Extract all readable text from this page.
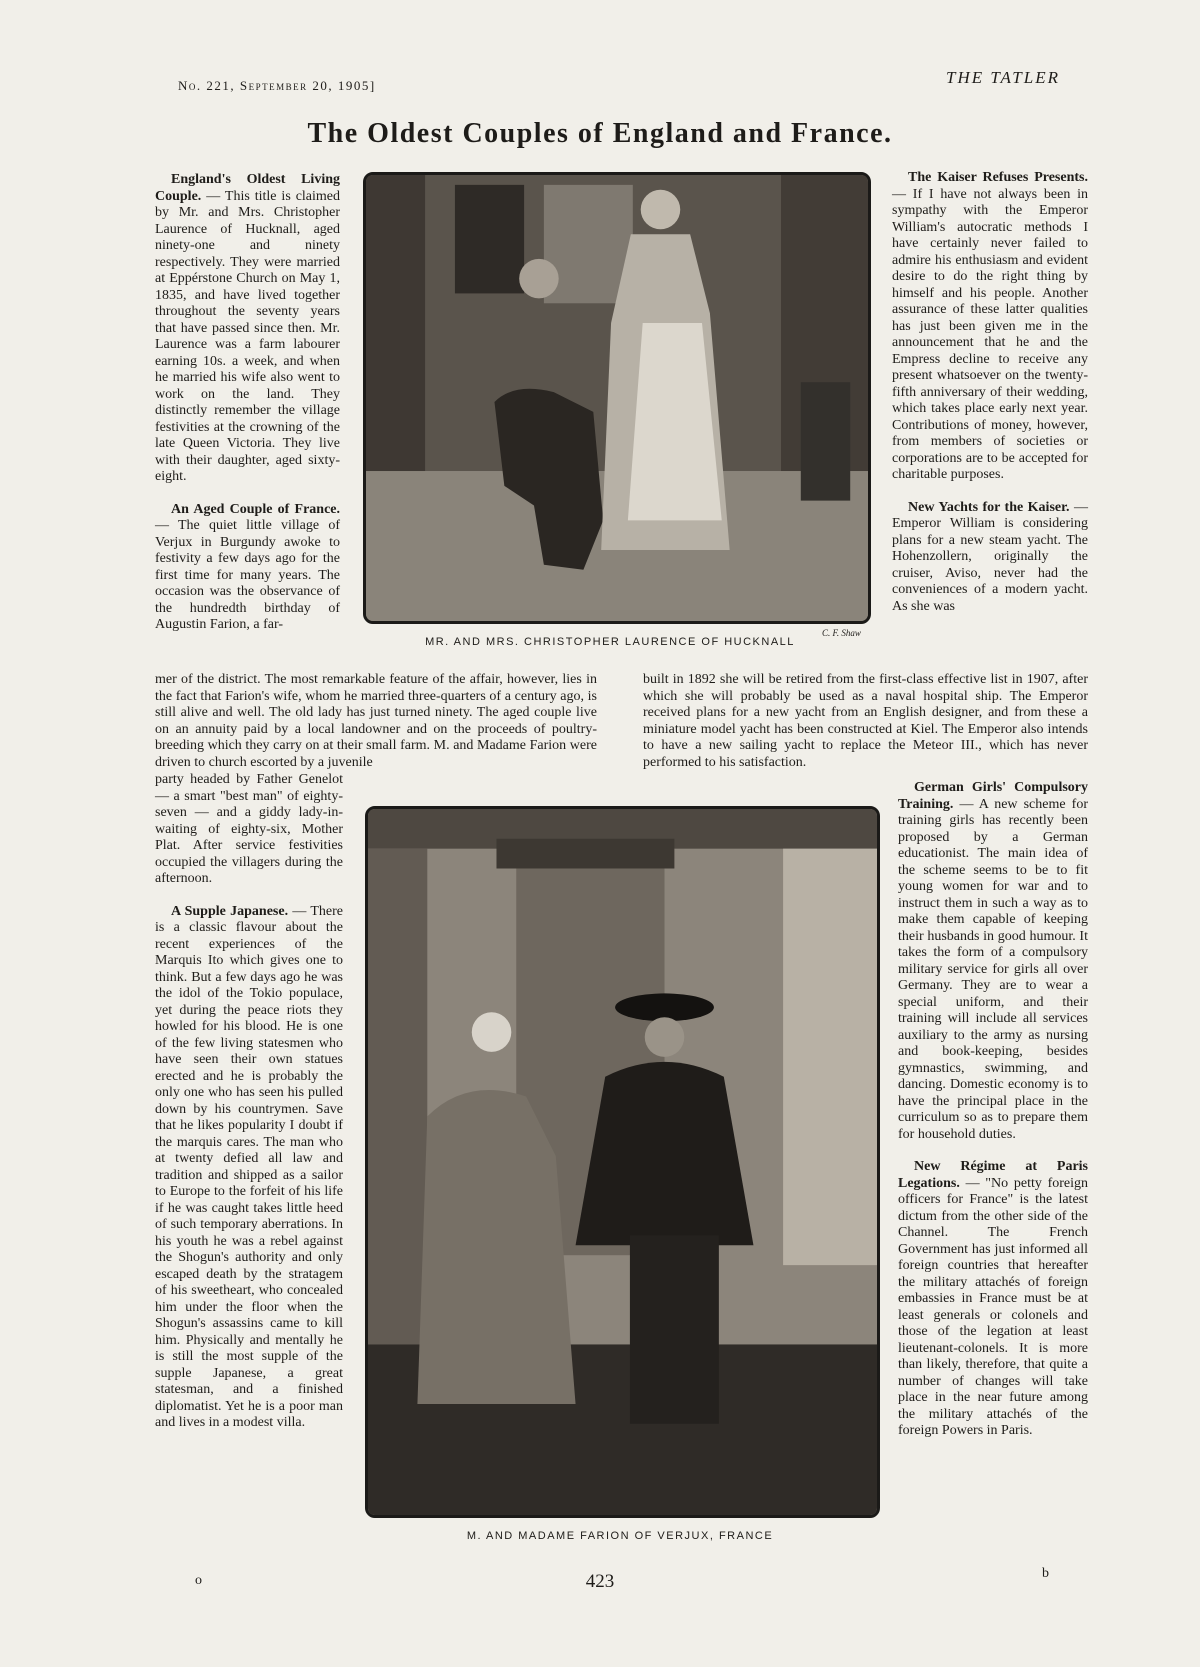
No. 221, September 20, 1905]	THE TATLER
The Oldest Couples of England and France.

England's Oldest Living Couple. — This title is claimed by Mr. and Mrs. Christopher Laurence of Hucknall, aged ninety-one and ninety respectively. They were married at Eppérstone Church on May 1, 1835, and have lived together throughout the seventy years that have passed since then. Mr. Laurence was a farm labourer earning 10s. a week, and when he married his wife also went to work on the land. They distinctly remember the village festivities at the crowning of the late Queen Victoria. They live with their daughter, aged sixty-eight.

An Aged Couple of France. — The quiet little village of Verjux in Burgundy awoke to festivity a few days ago for the first time for many years. The occasion was the observance of the hundredth birthday of Augustin Farion, a far-

MR. AND MRS. CHRISTOPHER LAURENCE OF HUCKNALL
C. F. Shaw

The Kaiser Refuses Presents. — If I have not always been in sympathy with the Emperor William's autocratic methods I have certainly never failed to admire his enthusiasm and evident desire to do the right thing by himself and his people. Another assurance of these latter qualities has just been given me in the announcement that he and the Empress decline to receive any present whatsoever on the twenty-fifth anniversary of their wedding, which takes place early next year. Contributions of money, however, from members of societies or corporations are to be accepted for charitable purposes.

New Yachts for the Kaiser. — Emperor William is considering plans for a new steam yacht. The Hohenzollern, originally the cruiser, Aviso, never had the conveniences of a modern yacht. As she was

mer of the district. The most remarkable feature of the affair, however, lies in the fact that Farion's wife, whom he married three-quarters of a century ago, is still alive and well. The old lady has just turned ninety. The aged couple live on an annuity paid by a local landowner and on the proceeds of poultry-breeding which they carry on at their small farm. M. and Madame Farion were driven to church escorted by a juvenile

built in 1892 she will be retired from the first-class effective list in 1907, after which she will probably be used as a naval hospital ship. The Emperor received plans for a new yacht from an English designer, and from these a miniature model yacht has been constructed at Kiel. The Emperor also intends to have a new sailing yacht to replace the Meteor III., which has never performed to his satisfaction.

party headed by Father Genelot — a smart "best man" of eighty-seven — and a giddy lady-in-waiting of eighty-six, Mother Plat. After service festivities occupied the villagers during the afternoon.

A Supple Japanese. — There is a classic flavour about the recent experiences of the Marquis Ito which gives one to think. But a few days ago he was the idol of the Tokio populace, yet during the peace riots they howled for his blood. He is one of the few living statesmen who have seen their own statues erected and he is probably the only one who has seen his pulled down by his countrymen. Save that he likes popularity I doubt if the marquis cares. The man who at twenty defied all law and tradition and shipped as a sailor to Europe to the forfeit of his life if he was caught takes little heed of such temporary aberrations. In his youth he was a rebel against the Shogun's authority and only escaped death by the stratagem of his sweetheart, who concealed him under the floor when the Shogun's assassins came to kill him. Physically and mentally he is still the most supple of the supple Japanese, a great statesman, and a finished diplomatist. Yet he is a poor man and lives in a modest villa.

M. AND MADAME FARION OF VERJUX, FRANCE

German Girls' Compulsory Training. — A new scheme for training girls has recently been proposed by a German educationist. The main idea of the scheme seems to be to fit young women for war and to instruct them in such a way as to make them capable of keeping their husbands in good humour. It takes the form of a compulsory military service for girls all over Germany. They are to wear a special uniform, and their training will include all services auxiliary to the army as nursing and book-keeping, besides gymnastics, swimming, and dancing. Domestic economy is to have the principal place in the curriculum so as to prepare them for household duties.

New Régime at Paris Legations. — "No petty foreign officers for France" is the latest dictum from the other side of the Channel. The French Government has just informed all foreign countries that hereafter the military attachés of foreign embassies in France must be at least generals or colonels and those of the legation at least lieutenant-colonels. It is more than likely, therefore, that quite a number of changes will take place in the near future among the military attachés of the foreign Powers in Paris.

o	423	b
